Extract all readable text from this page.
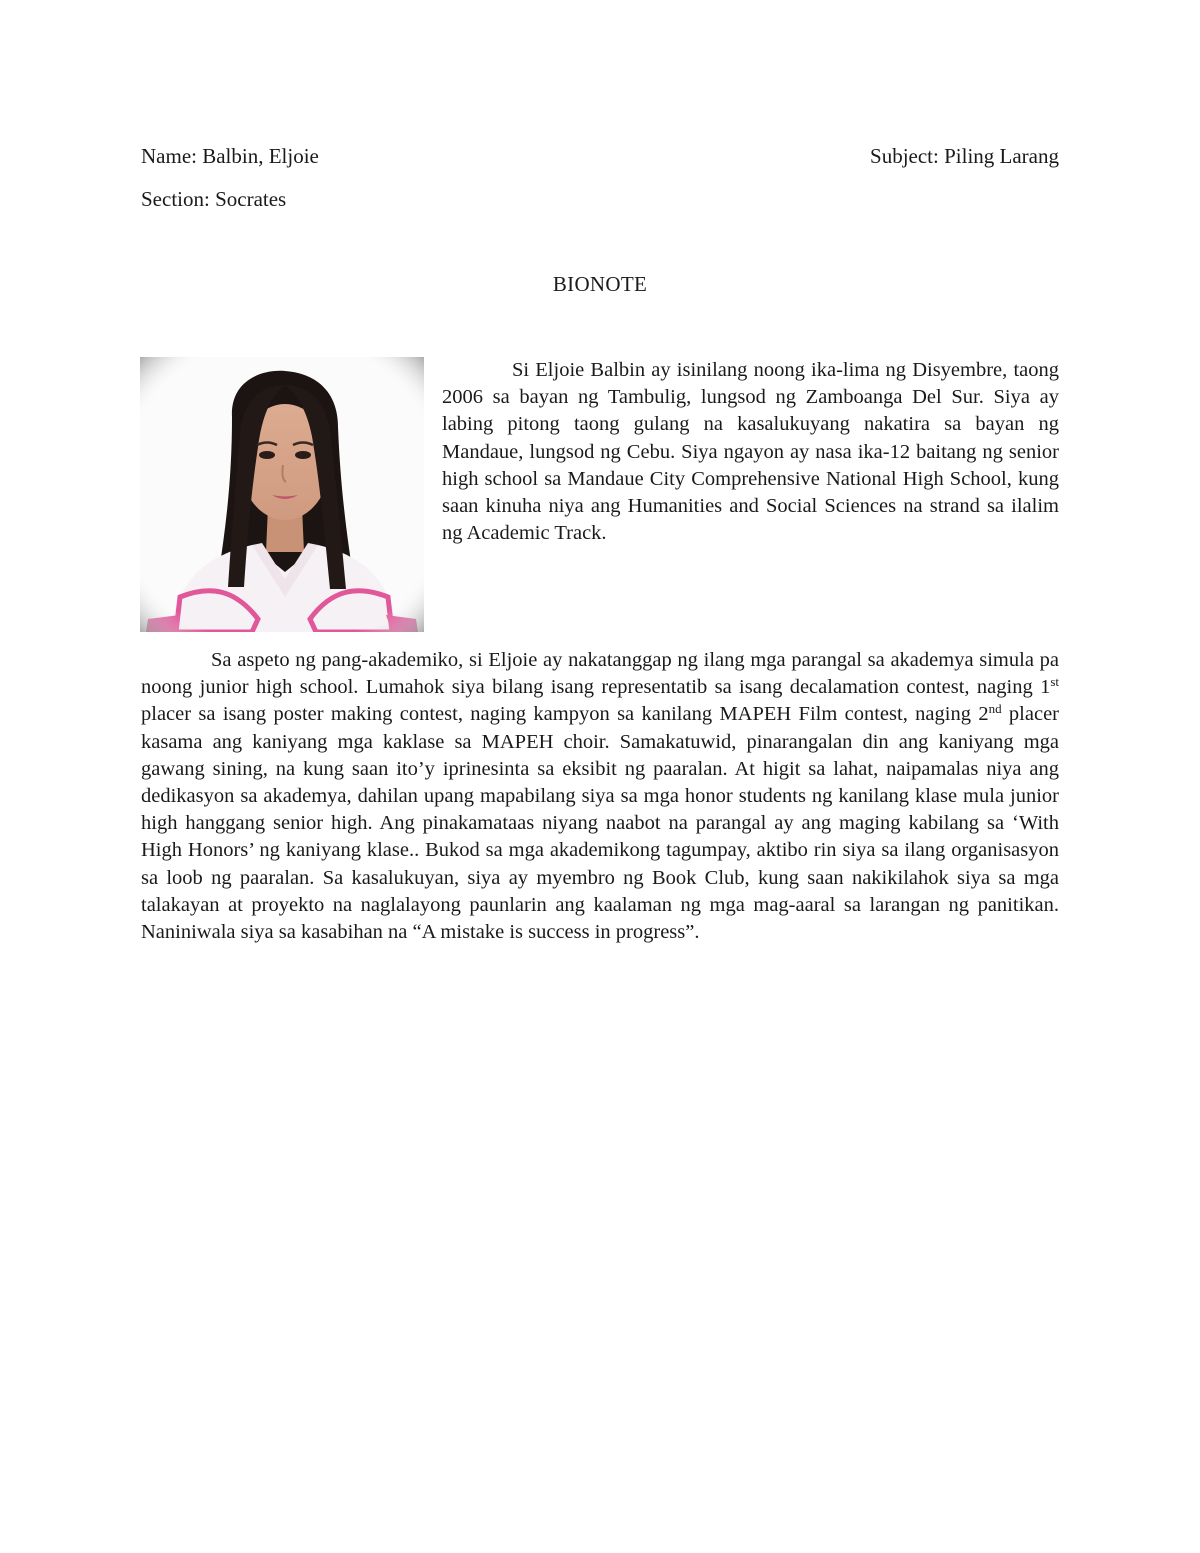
Name: Balbin, Eljoie	Subject: Piling Larang
Section: Socrates
BIONOTE

Si Eljoie Balbin ay isinilang noong ika-lima ng Disyembre, taong 2006 sa bayan ng Tambulig, lungsod ng Zamboanga Del Sur. Siya ay labing pitong taong gulang na kasalukuyang nakatira sa bayan ng Mandaue, lungsod ng Cebu. Siya ngayon ay nasa ika-12 baitang ng senior high school sa Mandaue City Comprehensive National High School, kung saan kinuha niya ang Humanities and Social Sciences na strand sa ilalim ng Academic Track.

Sa aspeto ng pang-akademiko, si Eljoie ay nakatanggap ng ilang mga parangal sa akademya simula pa noong junior high school. Lumahok siya bilang isang representatib sa isang decalamation contest, naging 1st placer sa isang poster making contest, naging kampyon sa kanilang MAPEH Film contest, naging 2nd placer kasama ang kaniyang mga kaklase sa MAPEH choir. Samakatuwid, pinarangalan din ang kaniyang mga gawang sining, na kung saan ito’y iprinesinta sa eksibit ng paaralan. At higit sa lahat, naipamalas niya ang dedikasyon sa akademya, dahilan upang mapabilang siya sa mga honor students ng kanilang klase mula junior high hanggang senior high. Ang pinakamataas niyang naabot na parangal ay ang maging kabilang sa ‘With High Honors’ ng kaniyang klase.. Bukod sa mga akademikong tagumpay, aktibo rin siya sa ilang organisasyon sa loob ng paaralan. Sa kasalukuyan, siya ay myembro ng Book Club, kung saan nakikilahok siya sa mga talakayan at proyekto na naglalayong paunlarin ang kaalaman ng mga mag-aaral sa larangan ng panitikan. Naniniwala siya sa kasabihan na “A mistake is success in progress”.
